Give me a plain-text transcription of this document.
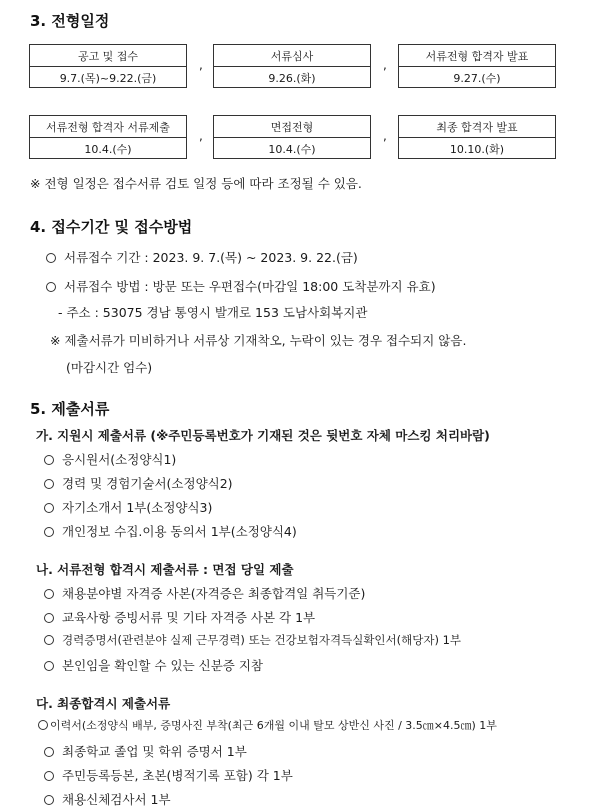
3. 전형일정
공고 및 접수
9.7.(목)~9.22.(금)
,
서류심사
9.26.(화)
,
서류전형 합격자 발표
9.27.(수)
서류전형 합격자 서류제출
10.4.(수)
,
면접전형
10.4.(수)
,
최종 합격자 발표
10.10.(화)
※ 전형 일정은 접수서류 검토 일정 등에 따라 조정될 수 있음.
4. 접수기간 및 접수방법
서류접수 기간 : 2023. 9. 7.(목) ~ 2023. 9. 22.(금)
서류접수 방법 : 방문 또는 우편접수(마감일 18:00 도착분까지 유효)
- 주소 : 53075 경남 통영시 발개로 153 도남사회복지관
※ 제출서류가 미비하거나 서류상 기재착오, 누락이 있는 경우 접수되지 않음.
(마감시간 엄수)
5. 제출서류
가. 지원시 제출서류 (※주민등록번호가 기재된 것은 뒷번호 자체 마스킹 처리바람)
응시원서(소정양식1)
경력 및 경험기술서(소정양식2)
자기소개서 1부(소정양식3)
개인정보 수집.이용 동의서 1부(소정양식4)
나. 서류전형 합격시 제출서류 : 면접 당일 제출
채용분야별 자격증 사본(자격증은 최종합격일 취득기준)
교육사항 증빙서류 및 기타 자격증 사본 각 1부
경력증명서(관련분야 실제 근무경력) 또는 건강보험자격득실확인서(해당자) 1부
본인임을 확인할 수 있는 신분증 지참
다. 최종합격시 제출서류
이력서(소정양식 배부, 증명사진 부착(최근 6개월 이내 탈모 상반신 사진 / 3.5㎝×4.5㎝) 1부
최종학교 졸업 및 학위 증명서 1부
주민등록등본, 초본(병적기록 포함) 각 1부
채용신체검사서 1부
